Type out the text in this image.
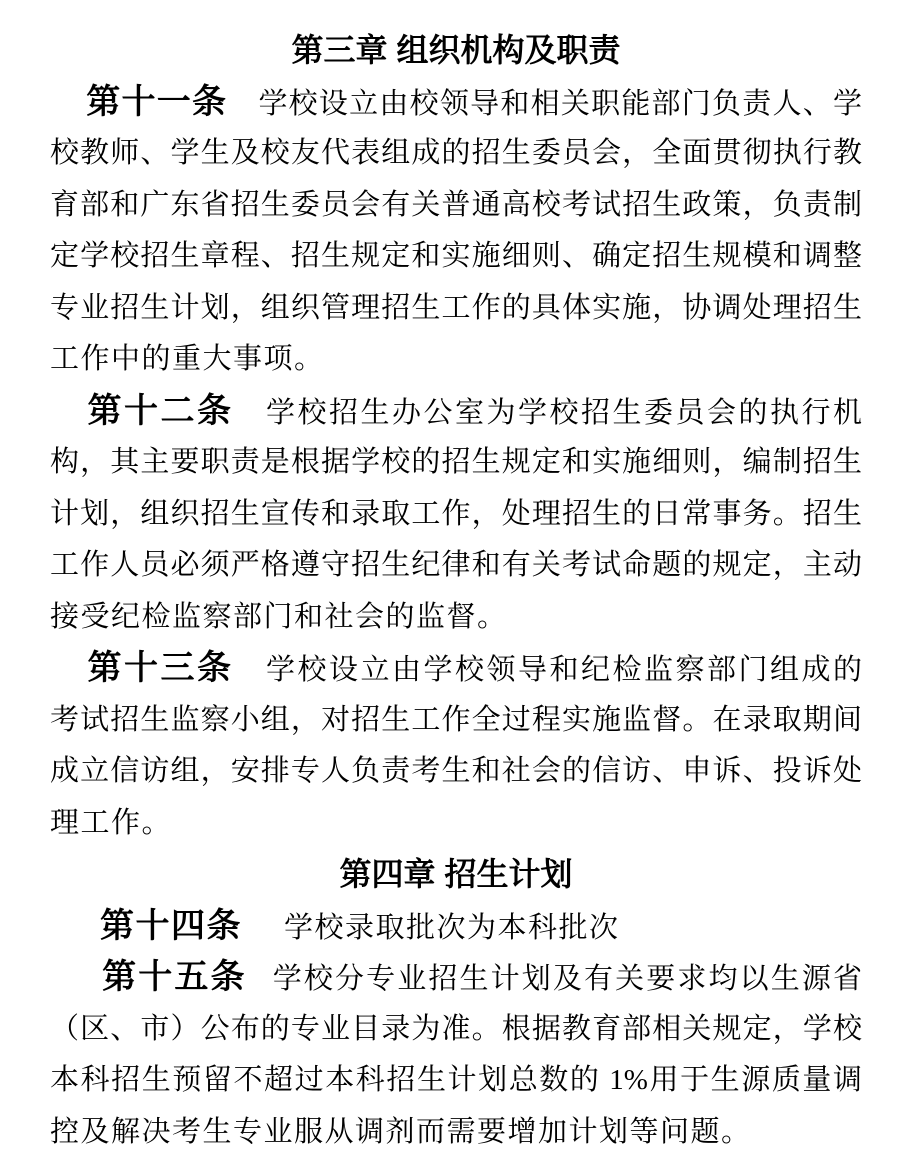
第三章 组织机构及职责
第十一条 学校设立由校领导和相关职能部门负责人、学
校教师、学生及校友代表组成的招生委员会，全面贯彻执行教
育部和广东省招生委员会有关普通高校考试招生政策，负责制
定学校招生章程、招生规定和实施细则、确定招生规模和调整
专业招生计划，组织管理招生工作的具体实施，协调处理招生
工作中的重大事项。
第十二条 学校招生办公室为学校招生委员会的执行机
构，其主要职责是根据学校的招生规定和实施细则，编制招生
计划，组织招生宣传和录取工作，处理招生的日常事务。招生
工作人员必须严格遵守招生纪律和有关考试命题的规定，主动
接受纪检监察部门和社会的监督。
第十三条 学校设立由学校领导和纪检监察部门组成的
考试招生监察小组，对招生工作全过程实施监督。在录取期间
成立信访组，安排专人负责考生和社会的信访、申诉、投诉处
理工作。
第四章 招生计划
第十四条 学校录取批次为本科批次
第十五条 学校分专业招生计划及有关要求均以生源省
（区、市）公布的专业目录为准。根据教育部相关规定，学校
本科招生预留不超过本科招生计划总数的 1%用于生源质量调
控及解决考生专业服从调剂而需要增加计划等问题。
